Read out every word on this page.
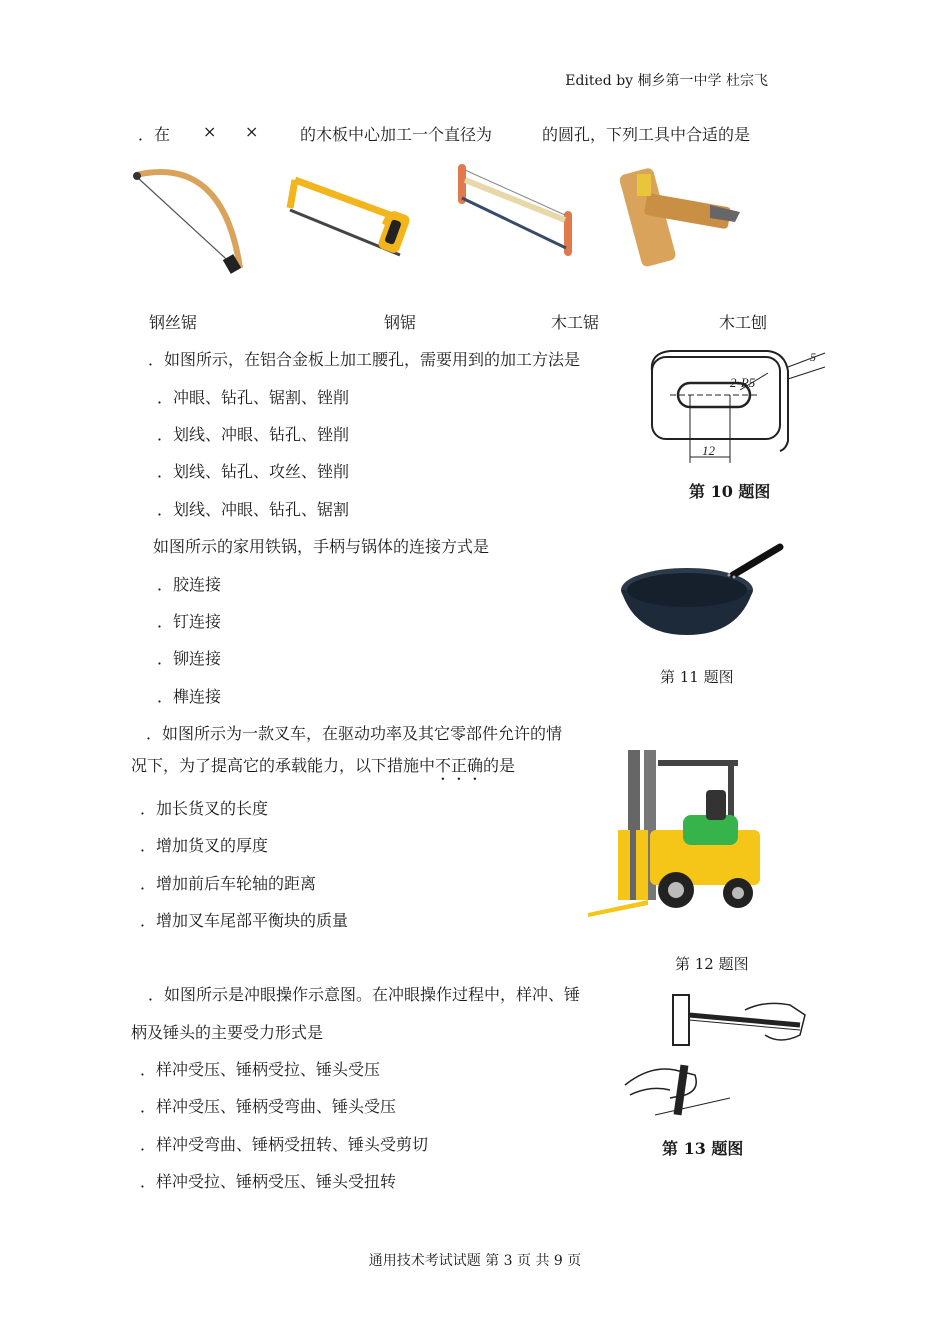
Edited by 桐乡第一中学 杜宗飞
．在 × ×	的木板中心加工一个直径为	的圆孔，下列工具中合适的是
钢丝锯	钢锯	木工锯	木工刨
．如图所示，在铝合金板上加工腰孔，需要用到的加工方法是
．冲眼、钻孔、锯割、锉削
．划线、冲眼、钻孔、锉削
．划线、钻孔、攻丝、锉削
．划线、冲眼、钻孔、锯割
2-R5
12
5
第 10 题图
如图所示的家用铁锅，手柄与锅体的连接方式是
．胶连接
．钉连接
．铆连接
．榫连接
第 11 题图
．如图所示为一款叉车，在驱动功率及其它零部件允许的情
况下，为了提高它的承载能力，以下措施中不正确的是
．加长货叉的长度
．增加货叉的厚度
．增加前后车轮轴的距离
．增加叉车尾部平衡块的质量
第 12 题图
．如图所示是冲眼操作示意图。在冲眼操作过程中，样冲、锤
柄及锤头的主要受力形式是
．样冲受压、锤柄受拉、锤头受压
．样冲受压、锤柄受弯曲、锤头受压
．样冲受弯曲、锤柄受扭转、锤头受剪切
．样冲受拉、锤柄受压、锤头受扭转
第 13 题图
通用技术考试试题 第 3 页 共 9 页
